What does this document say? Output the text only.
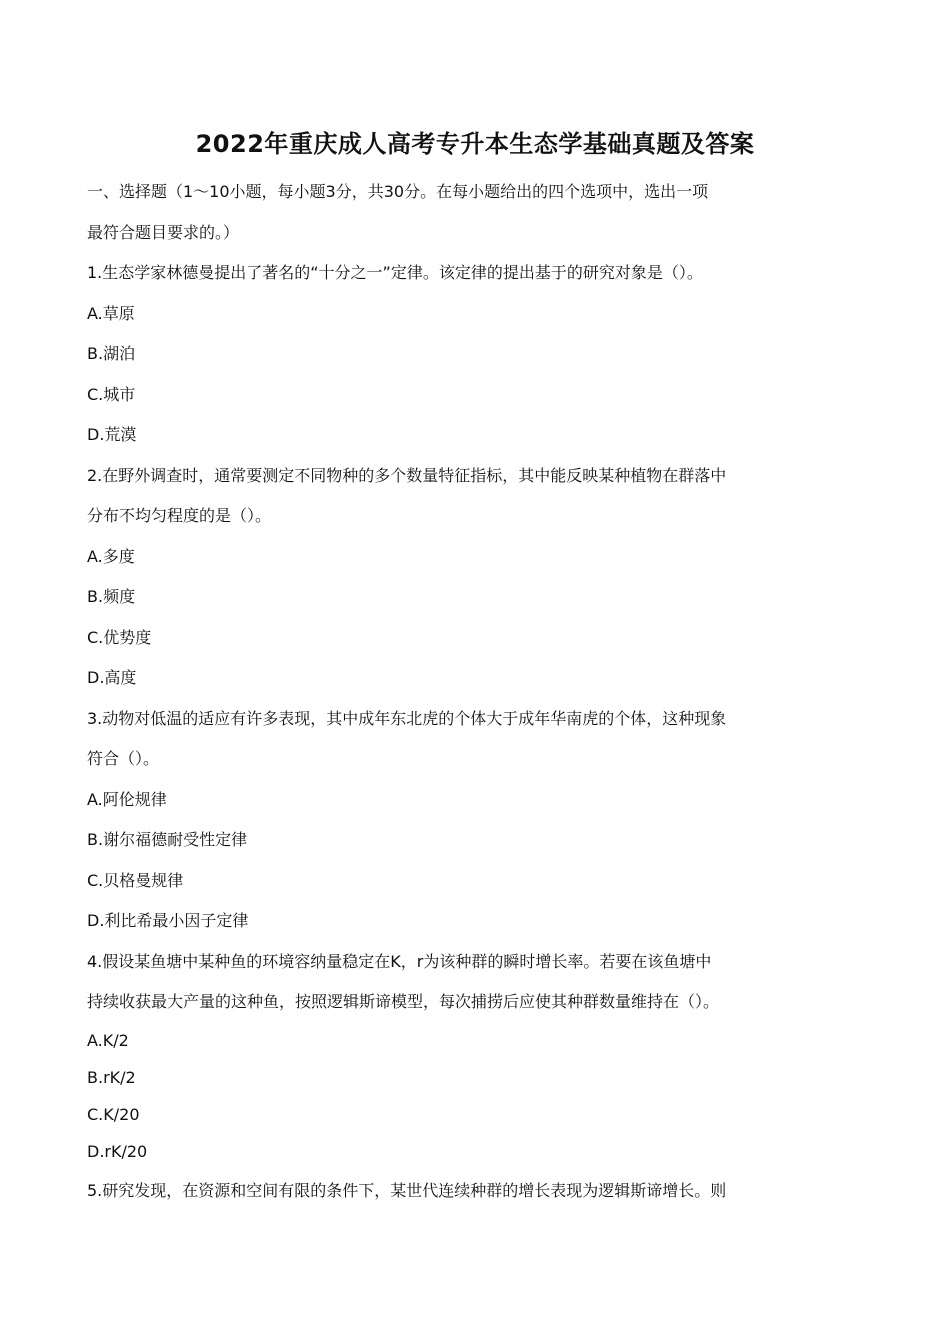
2022年重庆成人高考专升本生态学基础真题及答案
一、选择题（1～10小题，每小题3分，共30分。在每小题给出的四个选项中，选出一项
最符合题目要求的。）
1.生态学家林德曼提出了著名的“十分之一”定律。该定律的提出基于的研究对象是（）。
A.草原
B.湖泊
C.城市
D.荒漠
2.在野外调查时，通常要测定不同物种的多个数量特征指标，其中能反映某种植物在群落中
分布不均匀程度的是（）。
A.多度
B.频度
C.优势度
D.高度
3.动物对低温的适应有许多表现，其中成年东北虎的个体大于成年华南虎的个体，这种现象
符合（）。
A.阿伦规律
B.谢尔福德耐受性定律
C.贝格曼规律
D.利比希最小因子定律
4.假设某鱼塘中某种鱼的环境容纳量稳定在K，r为该种群的瞬时增长率。若要在该鱼塘中
持续收获最大产量的这种鱼，按照逻辑斯谛模型，每次捕捞后应使其种群数量维持在（）。
A.K/2
B.rK/2
C.K/20
D.rK/20
5.研究发现，在资源和空间有限的条件下，某世代连续种群的增长表现为逻辑斯谛增长。则
